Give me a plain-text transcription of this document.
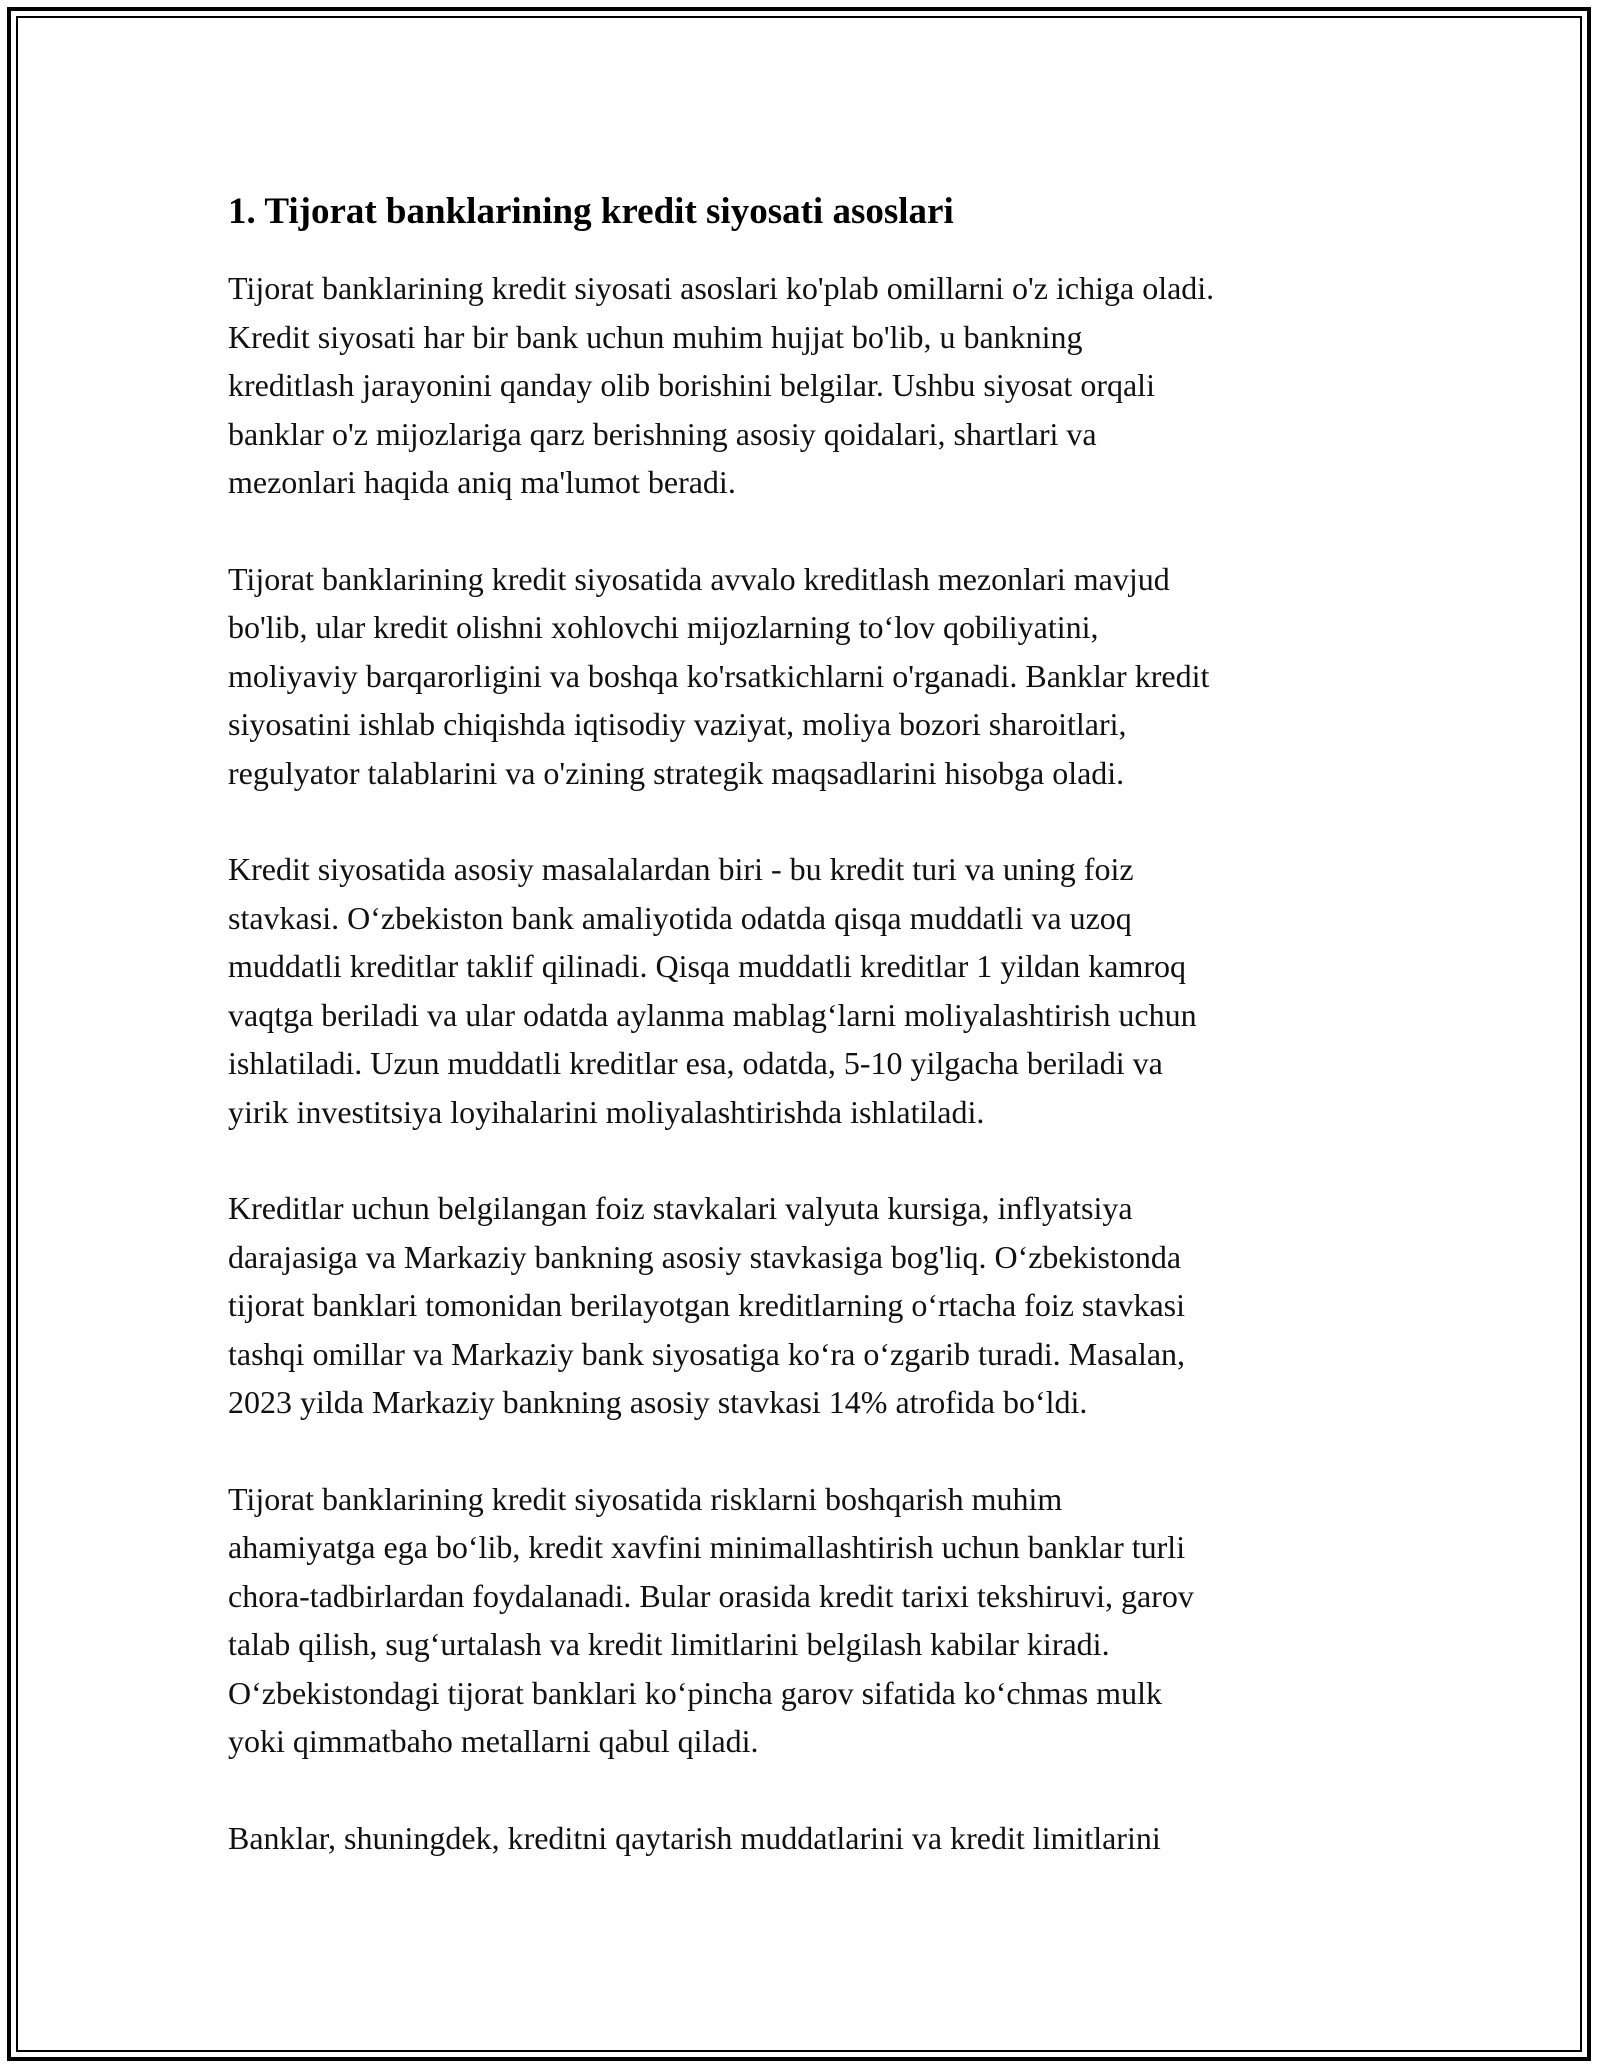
1. Tijorat banklarining kredit siyosati asoslari

Tijorat banklarining kredit siyosati asoslari ko'plab omillarni o'z ichiga oladi.
Kredit siyosati har bir bank uchun muhim hujjat bo'lib, u bankning
kreditlash jarayonini qanday olib borishini belgilar. Ushbu siyosat orqali
banklar o'z mijozlariga qarz berishning asosiy qoidalari, shartlari va
mezonlari haqida aniq ma'lumot beradi.

Tijorat banklarining kredit siyosatida avvalo kreditlash mezonlari mavjud
bo'lib, ular kredit olishni xohlovchi mijozlarning to‘lov qobiliyatini,
moliyaviy barqarorligini va boshqa ko'rsatkichlarni o'rganadi. Banklar kredit
siyosatini ishlab chiqishda iqtisodiy vaziyat, moliya bozori sharoitlari,
regulyator talablarini va o'zining strategik maqsadlarini hisobga oladi.

Kredit siyosatida asosiy masalalardan biri - bu kredit turi va uning foiz
stavkasi. O‘zbekiston bank amaliyotida odatda qisqa muddatli va uzoq
muddatli kreditlar taklif qilinadi. Qisqa muddatli kreditlar 1 yildan kamroq
vaqtga beriladi va ular odatda aylanma mablag‘larni moliyalashtirish uchun
ishlatiladi. Uzun muddatli kreditlar esa, odatda, 5-10 yilgacha beriladi va
yirik investitsiya loyihalarini moliyalashtirishda ishlatiladi.

Kreditlar uchun belgilangan foiz stavkalari valyuta kursiga, inflyatsiya
darajasiga va Markaziy bankning asosiy stavkasiga bog'liq. O‘zbekistonda
tijorat banklari tomonidan berilayotgan kreditlarning o‘rtacha foiz stavkasi
tashqi omillar va Markaziy bank siyosatiga ko‘ra o‘zgarib turadi. Masalan,
2023 yilda Markaziy bankning asosiy stavkasi 14% atrofida bo‘ldi.

Tijorat banklarining kredit siyosatida risklarni boshqarish muhim
ahamiyatga ega bo‘lib, kredit xavfini minimallashtirish uchun banklar turli
chora-tadbirlardan foydalanadi. Bular orasida kredit tarixi tekshiruvi, garov
talab qilish, sug‘urtalash va kredit limitlarini belgilash kabilar kiradi.
O‘zbekistondagi tijorat banklari ko‘pincha garov sifatida ko‘chmas mulk
yoki qimmatbaho metallarni qabul qiladi.

Banklar, shuningdek, kreditni qaytarish muddatlarini va kredit limitlarini
